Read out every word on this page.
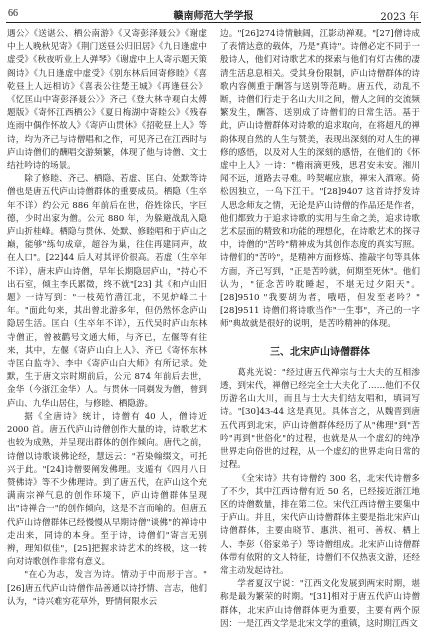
66	赣南师范大学学报	2023 年

遇公〉《送谌公、栖公南游》《又寄彭泽聂公》《谢虚中上人晚秋见寄》《荆门送昼公归旧居》《九日逢虚中虚受》《秋夜听业上人弹琴》《谢虚中上人寄示题天策阁诗》《九日逢虚中虚受》《别东林后回寄修睦》《喜乾昼上人远相访》《喜表公往楚王城》《再逢昼公》《忆匡山中寄彭泽聂公〉》齐己《登大林寺观白太傅题版》《寄怀江西栖公》《夏日梅湖中寄睦公》《残春连雨中偶作怀故人》《寄庐山贯休》《招乾昼上人》等诗，均为齐己与诗僧唱和之作，可见齐己在江西时与庐山诗僧们的酬唱交游频繁，体现了他与诗僧、文士结社吟诗的场景。

除了修睦、齐己、栖隐、若虚、匡白、处默等诗僧也是唐五代庐山诗僧群体的重要成员。栖隐（生卒年不详）约公元 886 年前后在世，俗姓徐氏，字巨德，少时出家为僧。公元 880 年，为躲避战乱入隐庐山折桂峰。栖隐与贯休、处默、修睦唱和于庐山之巅，能够"练句成章，超谷为巢，往住再建同声，故在人口"。[22]44 后人对其评价很高。若虚（生卒年不详），唐末庐山诗僧，早年长期隐居庐山，"持心不出石室，倾主李氏累徵，终不就"[23] 其《和卢山旧题》一诗写到："一枝苑竹潜江北，不见炉峰二十年。"面此句来，其出曾北游多年，但仍然怀念庐山隐居生活。匡白（生卒年不详），五代吴时庐山东林寺僧正，曾被鹳号文通大师，与齐已，左偃等有往来，其中，左偃《寄庐山白上人》、齐已《寄怀东林寺匡白监寺》、李中《寄庐山白大师》有所记录。处默，生于唐文宗时期前后，公元 874 年前后去世，金华（今浙江金华）人。与贯休一同剃发为僧，曾到庐山、九华山居住，与修睦、栖隐游。

据《全唐诗》统计，诗僧有 40 人，僧诗近 2000 首。唐五代庐山诗僧创作大量的诗，诗歌艺术也较为成熟，并呈现出群体的创作倾向。唐代之前，诗僧以诗歌谈佛论经，慧远云："若染翰缀文，可托兴于此。"[24]诗僧要阐发佛理。支遁有《四月八日赞佛诗》等不少佛理诗。到了唐五代，在庐山这个充满南宗禅气息的创作环境下，庐山诗僧群体呈现出"诗禅合一"的创作倾向，这是不言而喻的。但唐五代庐山诗僧群体已经慢慢从早期诗僧"谈佛"的禅诗中走出来，同诗的本身。至于诗，诗僧们"寄言无别辨，理知似佳"，[25]把握求诗艺术的终极，这一转向对诗歌创作非常有意义。

"在心为志，发言为诗。情动于中而形于言。"[26]唐五代庐山诗僧作品善通以诗抒情、言志，他们认为，"诗兴难穷花草外，野情何限水云

边。"[26]274诗情触阔，江影动禅观。"[27]僧诗成了表情达意的载体，乃是"真诗"。诗僧必定不同于一般诗人，他们对诗歌艺术的探索与他们有灯古佛的凄清生活息息相关。受其身份限制，庐山诗僧群体的诗歌内容侧重于酬答与送别等范畴。唐五代，动乱不断，诗僧们行走于名山大川之间，僧人之间的交流频繁发生，酬答、送别成了诗僧们的日常生活。基于此，庐山诗僧群体对诗歌的追求取向，在将超凡的禅韵体现自然的人生与赞美，表现出深刻的对人生的禅修的感悟，以及对人生的深刻的感悟，在他们的《怀虚中上人》一诗："檐雨滴更残，思君安未安。湘川闻不远，道路去寻难。吟契崛应旅，禅宋入酒寒。倚松因独立，一鸟下江干。"[28]9407 这首诗抒发诗人思念师友之情，无论是庐山诗僧的作品还是作者，他们都致力于追求诗歌的实用与生命之美，追求诗歌艺术层面的精致和功能的理想化，在诗歌艺术的探寻中，诗僧的"苦吟"精神成为其创作态度的真实写照。诗僧们的"苦吟"，是精神方面修炼、推敲字句等具体方面，齐己写到，"正是苦吟就，何期至死休"。他们认为，"征念苦吟耽睡起，不堪无过夕阳天"。[28]9510 "我要胡为者，哦唔，但发至老吟？"[28]9511 诗僧们将诗歌当作"一生事"，齐己的一字师"典故就是很好的说明，是苦吟精神的体现。

三、北宋庐山诗僧群体

葛兆光说："经过唐五代禅宗与士大夫的互相渗透，到宋代，禅僧已经完全士大夫化了……他们不仅历游名山大川，而且与士大夫们结友唱和，填词写诗。"[30]43-44 这是真见。具体言之，从魏晋到唐五代再到北宋，庐山诗僧群体经历了从"佛理"到"苦吟"再到"世俗化"的过程，也就是从一个虚幻的纯净世界走向俗世的过程，从一个虚幻的世界走向日常的过程。

《全宋诗》共有诗僧约 300 名，北宋代诗僧多了不少，其中江西诗僧有近 50 名，已经接近浙江地区的诗僧数量，排在第二位。宋代江西诗僧主要集中于庐山。并且，宋代庐山诗僧群体主要是指北宋庐山诗僧群体，主要由晓节、惠洪、祖可、善权、栖上人、李彭（俗家弟子）等诗僧组成。北宋庐山诗僧群体带有依附的文人特征，诗僧们不仅热衷文游，还经常主动发起诗社。

学者夏汉宁说："江西文化发展到两宋时期，堪称是最为繁荣的时期。"[31]相对于唐五代庐山诗僧群体，北宋庐山诗僧群体更为重要，主要有两个原因：一是江西文学是北宋文学的重镇，这时期江西文
